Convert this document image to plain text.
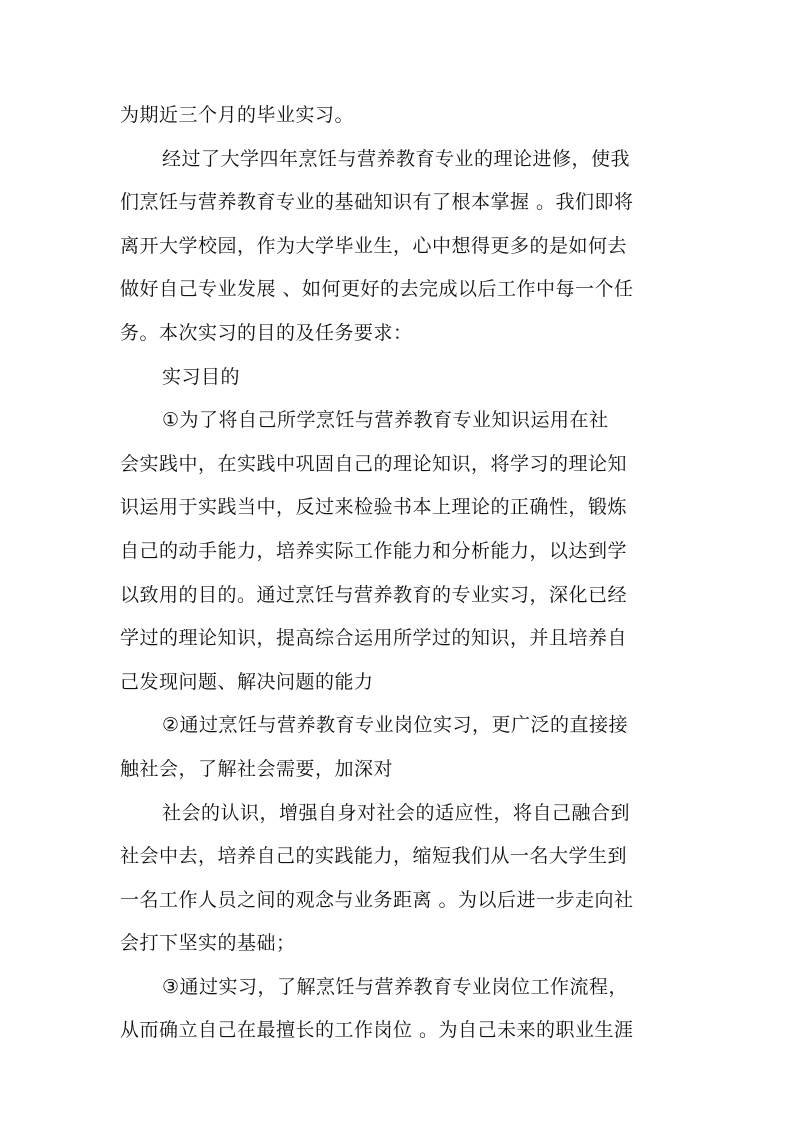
为期近三个月的毕业实习。
经过了大学四年烹饪与营养教育专业的理论进修，使我
们烹饪与营养教育专业的基础知识有了根本掌握 。我们即将
离开大学校园，作为大学毕业生，心中想得更多的是如何去
做好自己专业发展 、如何更好的去完成以后工作中每一个任
务。本次实习的目的及任务要求：
实习目的
①为了将自己所学烹饪与营养教育专业知识运用在社
会实践中，在实践中巩固自己的理论知识，将学习的理论知
识运用于实践当中，反过来检验书本上理论的正确性，锻炼
自己的动手能力，培养实际工作能力和分析能力，以达到学
以致用的目的。通过烹饪与营养教育的专业实习，深化已经
学过的理论知识，提高综合运用所学过的知识，并且培养自
己发现问题、解决问题的能力
②通过烹饪与营养教育专业岗位实习，更广泛的直接接
触社会，了解社会需要，加深对
社会的认识，增强自身对社会的适应性，将自己融合到
社会中去，培养自己的实践能力，缩短我们从一名大学生到
一名工作人员之间的观念与业务距离 。为以后进一步走向社
会打下坚实的基础；
③通过实习，了解烹饪与营养教育专业岗位工作流程，
从而确立自己在最擅长的工作岗位 。为自己未来的职业生涯
